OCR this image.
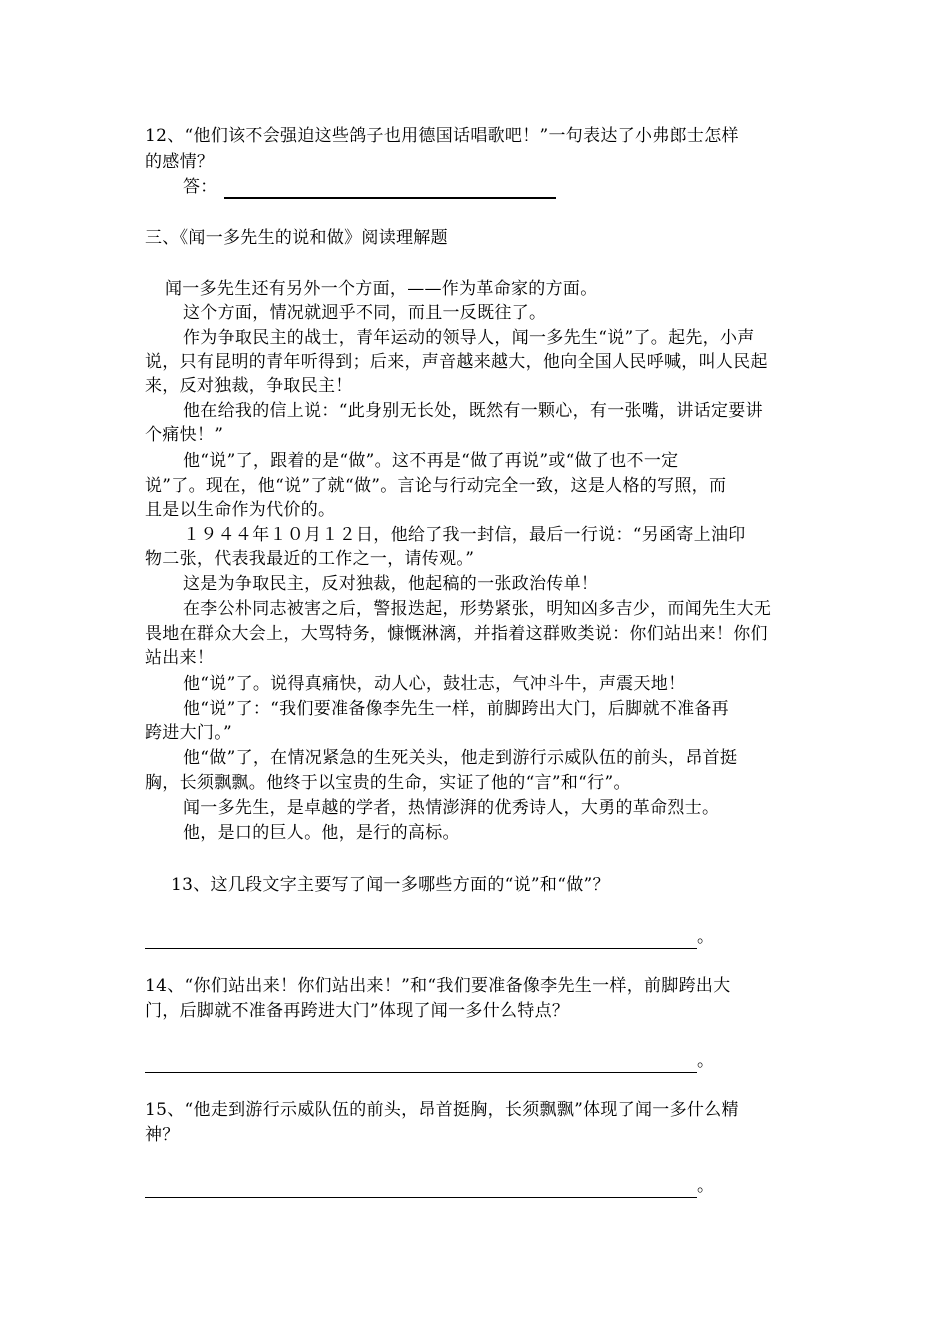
12、“他们该不会强迫这些鸽子也用德国话唱歌吧！”一句表达了小弗郎士怎样
的感情？
答：
三、《闻一多先生的说和做》阅读理解题
闻一多先生还有另外一个方面，——作为革命家的方面。
这个方面，情况就迥乎不同，而且一反既往了。
作为争取民主的战士，青年运动的领导人，闻一多先生“说”了。起先，小声
说，只有昆明的青年听得到；后来，声音越来越大，他向全国人民呼喊，叫人民起
来，反对独裁，争取民主！
他在给我的信上说：“此身别无长处，既然有一颗心，有一张嘴，讲话定要讲
个痛快！”
他“说”了，跟着的是“做”。这不再是“做了再说”或“做了也不一定
说”了。现在，他“说”了就“做”。言论与行动完全一致，这是人格的写照，而
且是以生命作为代价的。
１９４４年１０月１２日，他给了我一封信，最后一行说：“另函寄上油印
物二张，代表我最近的工作之一，请传观。”
这是为争取民主，反对独裁，他起稿的一张政治传单！
在李公朴同志被害之后，警报迭起，形势紧张，明知凶多吉少，而闻先生大无
畏地在群众大会上，大骂特务，慷慨淋漓，并指着这群败类说：你们站出来！你们
站出来！
他“说”了。说得真痛快，动人心，鼓壮志，气冲斗牛，声震天地！
他“说”了：“我们要准备像李先生一样，前脚跨出大门，后脚就不准备再
跨进大门。”
他“做”了，在情况紧急的生死关头，他走到游行示威队伍的前头，昂首挺
胸，长须飘飘。他终于以宝贵的生命，实证了他的“言”和“行”。
闻一多先生，是卓越的学者，热情澎湃的优秀诗人，大勇的革命烈士。
他，是口的巨人。他，是行的高标。
13、这几段文字主要写了闻一多哪些方面的“说”和“做”？
。
14、“你们站出来！你们站出来！”和“我们要准备像李先生一样，前脚跨出大
门，后脚就不准备再跨进大门”体现了闻一多什么特点？
。
15、“他走到游行示威队伍的前头，昂首挺胸，长须飘飘”体现了闻一多什么精
神？
。
